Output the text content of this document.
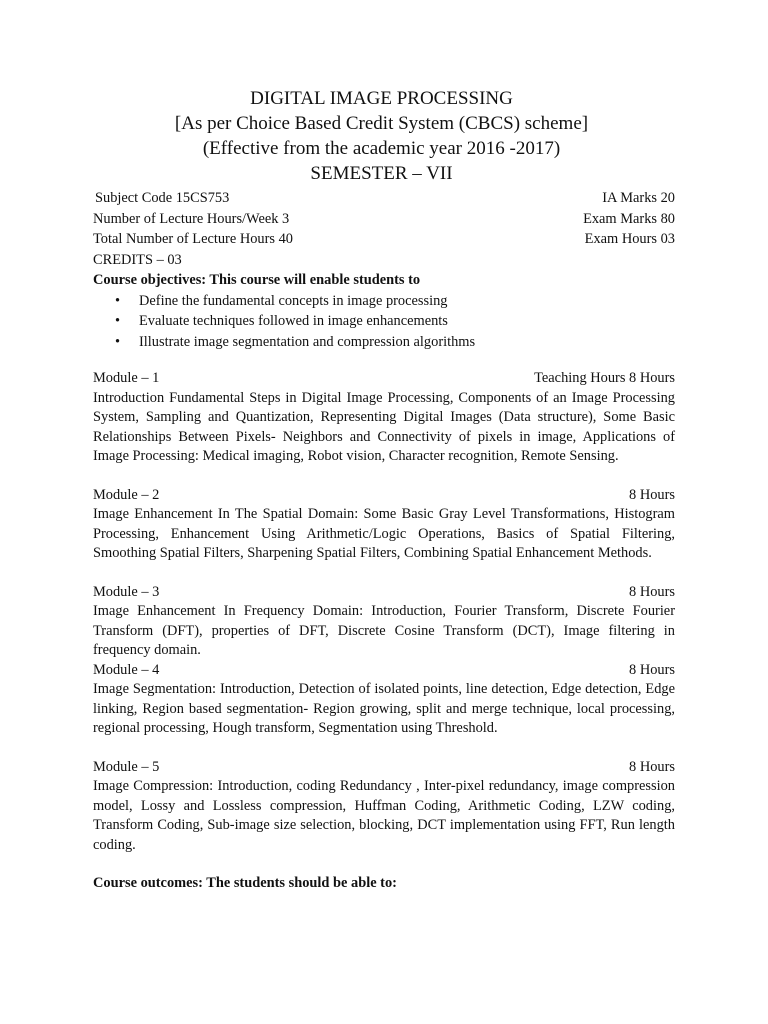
DIGITAL IMAGE PROCESSING
[As per Choice Based Credit System (CBCS) scheme]
(Effective from the academic year 2016 -2017)
SEMESTER – VII
Subject Code 15CS753	IA Marks 20
Number of Lecture Hours/Week 3	Exam Marks 80
Total Number of Lecture Hours 40	Exam Hours 03
CREDITS – 03
Course objectives: This course will enable students to
• Define the fundamental concepts in image processing
• Evaluate techniques followed in image enhancements
• Illustrate image segmentation and compression algorithms
Module – 1	Teaching Hours 8 Hours
Introduction Fundamental Steps in Digital Image Processing, Components of an Image Processing System, Sampling and Quantization, Representing Digital Images (Data structure), Some Basic Relationships Between Pixels- Neighbors and Connectivity of pixels in image, Applications of Image Processing: Medical imaging, Robot vision, Character recognition, Remote Sensing.
Module – 2	8 Hours
Image Enhancement In The Spatial Domain: Some Basic Gray Level Transformations, Histogram Processing, Enhancement Using Arithmetic/Logic Operations, Basics of Spatial Filtering, Smoothing Spatial Filters, Sharpening Spatial Filters, Combining Spatial Enhancement Methods.
Module – 3	8 Hours
Image Enhancement In Frequency Domain: Introduction, Fourier Transform, Discrete Fourier Transform (DFT), properties of DFT, Discrete Cosine Transform (DCT), Image filtering in frequency domain.
Module – 4	8 Hours
Image Segmentation: Introduction, Detection of isolated points, line detection, Edge detection, Edge linking, Region based segmentation- Region growing, split and merge technique, local processing, regional processing, Hough transform, Segmentation using Threshold.
Module – 5	8 Hours
Image Compression: Introduction, coding Redundancy , Inter-pixel redundancy, image compression model, Lossy and Lossless compression, Huffman Coding, Arithmetic Coding, LZW coding, Transform Coding, Sub-image size selection, blocking, DCT implementation using FFT, Run length coding.
Course outcomes: The students should be able to:
